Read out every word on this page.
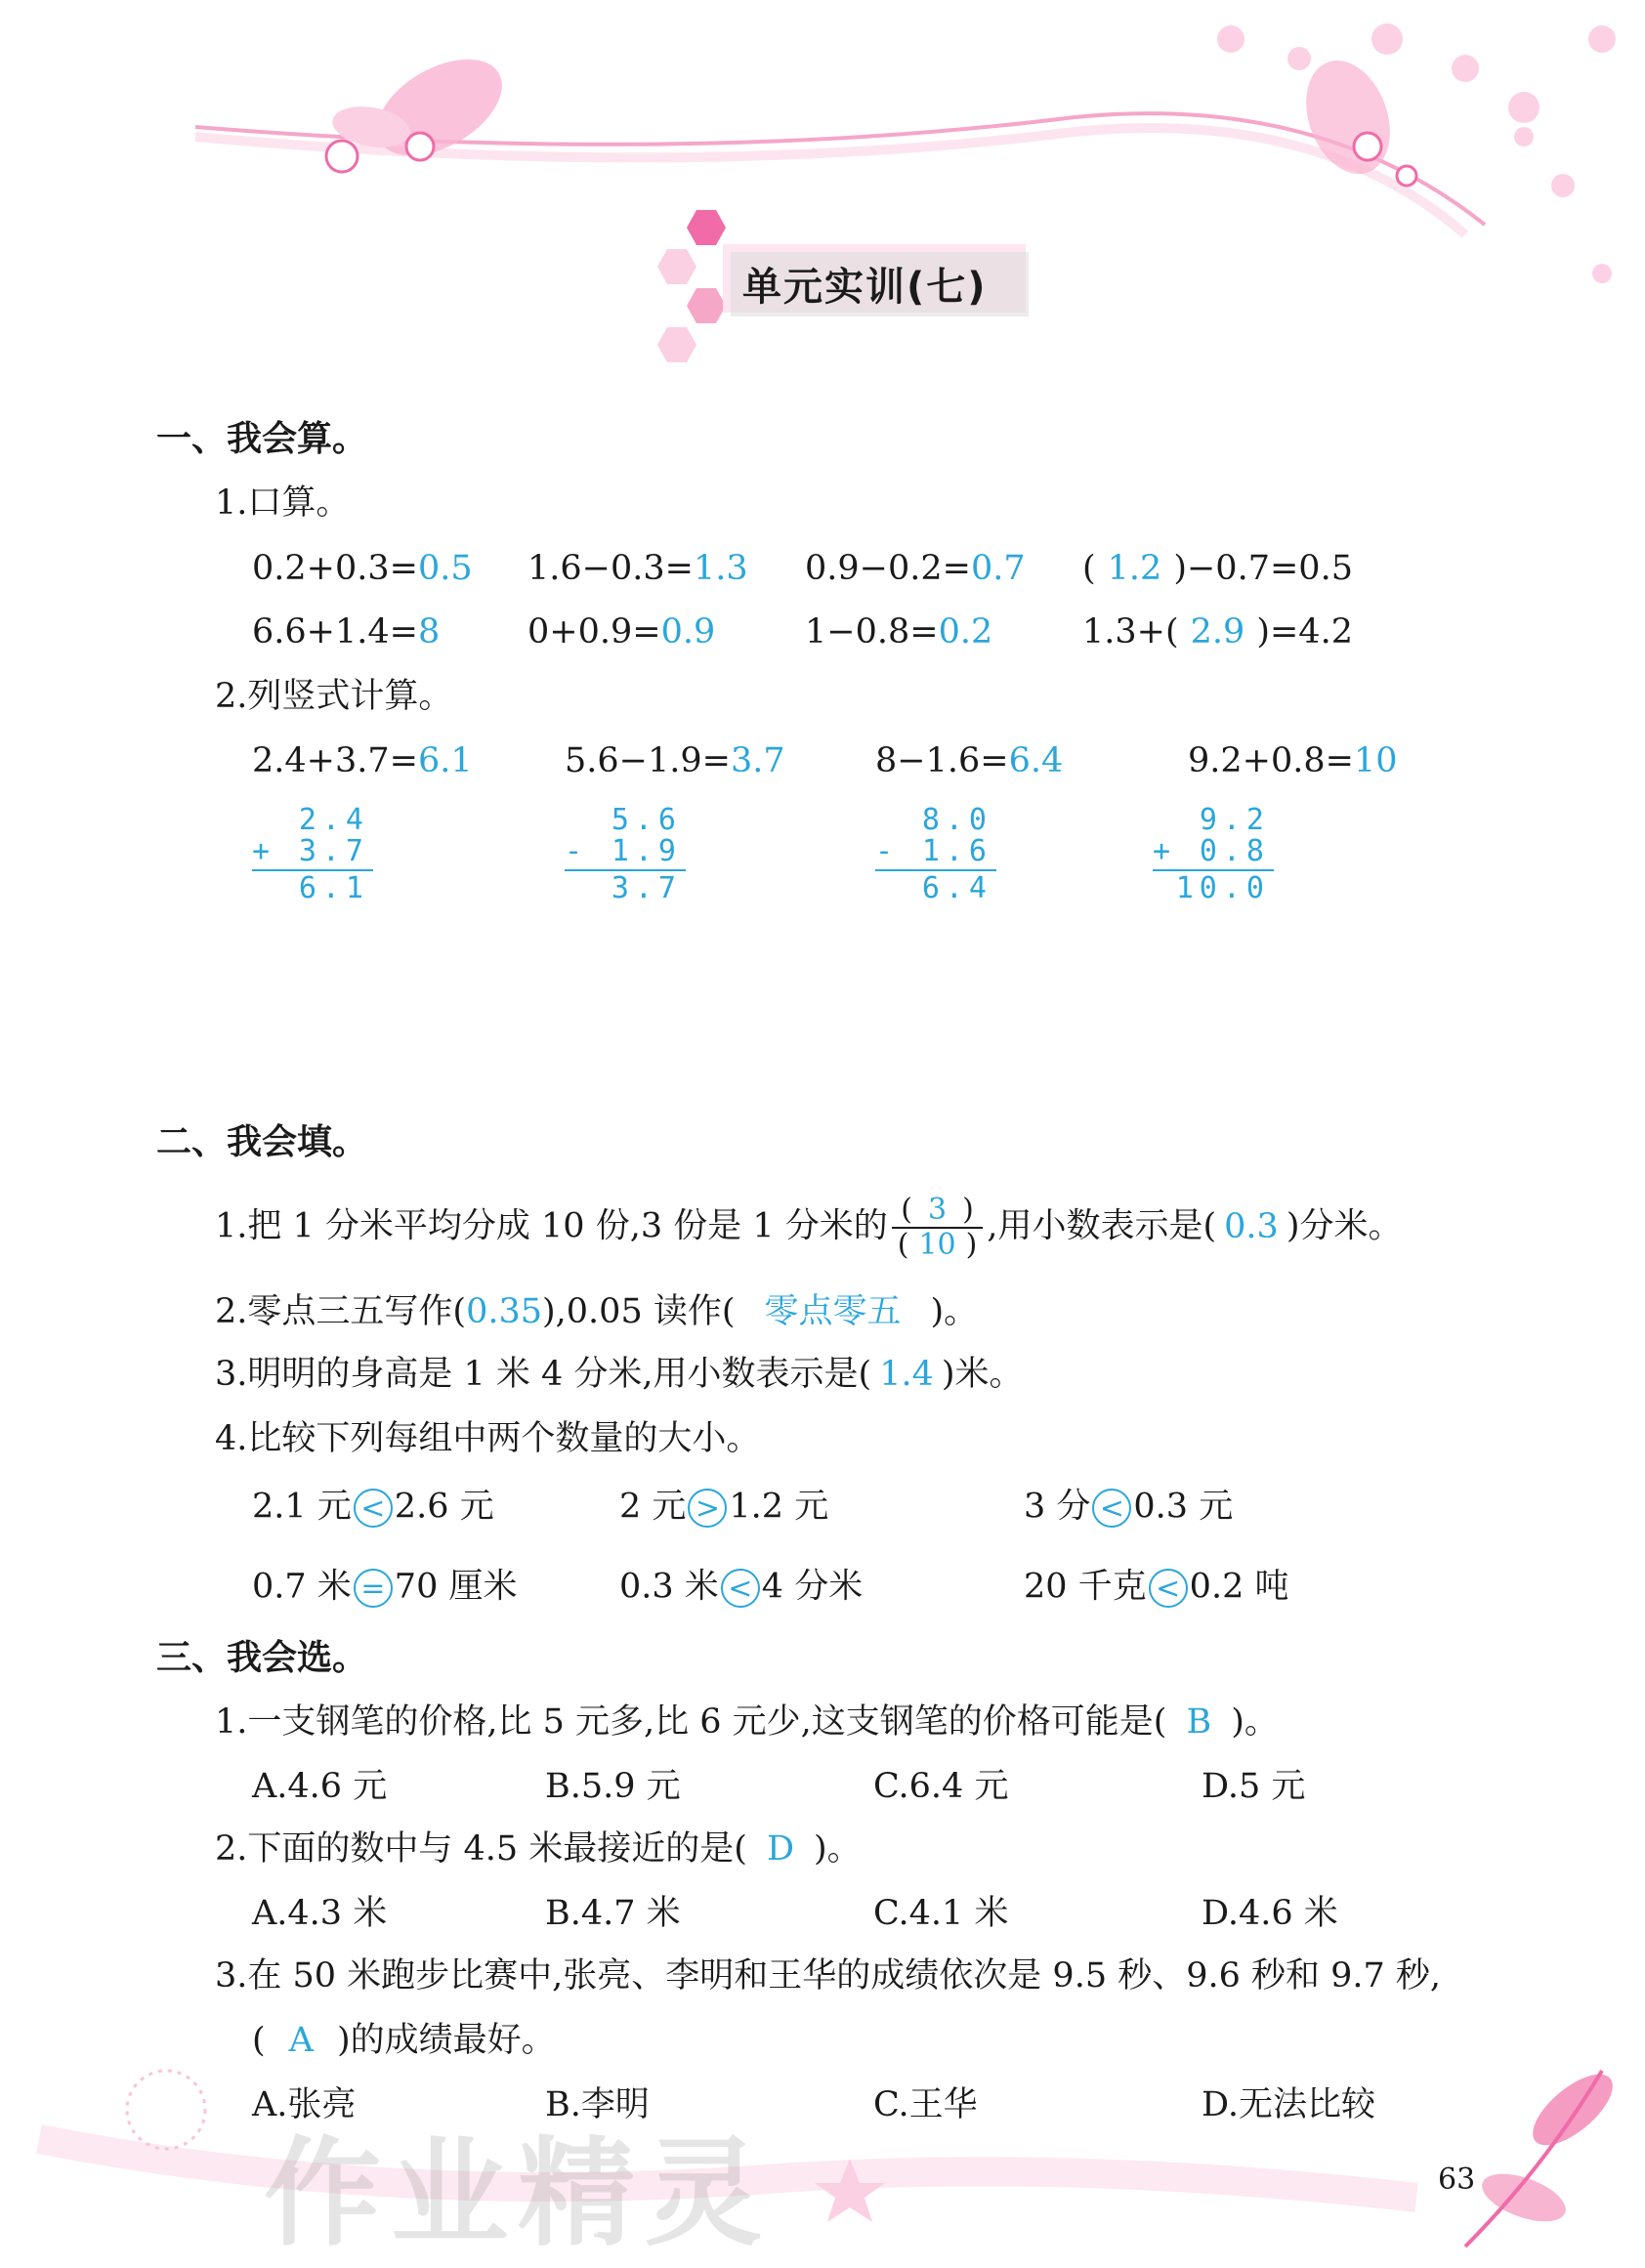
单元实训(七)
一、我会算。
1.口算。
0.2+0.3=0.5 1.6−0.3=1.3 0.9−0.2=0.7 ( 1.2 )−0.7=0.5
6.6+1.4=8	0+0.9=0.9	1−0.8=0.2	1.3+( 2.9 )=4.2
2.列竖式计算。
2.4+3.7=6.1	5.6−1.9=3.7	8−1.6=6.4	9.2+0.8=10
2.4
+ 3.7
6.1
5.6
- 1.9
3.7
8.0
- 1.6
6.4
9.2
+ 0.8
10.0
二、我会填。
1.把 1 分米平均分成 10 份,3 份是 1 分米的 $\frac{( 3 )}{( 10 )}$ ,用小数表示是( 0.3 )分米。
2.零点三五写作(0.35),0.05 读作( 零点零五 )。
3.明明的身高是 1 米 4 分米,用小数表示是( 1.4 )米。
4.比较下列每组中两个数量的大小。
2.1 元 < 2.6 元	2 元 > 1.2 元	3 分 < 0.3 元
0.7 米 = 70 厘米	0.3 米 < 4 分米	20 千克 < 0.2 吨
三、我会选。
1.一支钢笔的价格,比 5 元多,比 6 元少,这支钢笔的价格可能是( B )。
A.4.6 元	B.5.9 元	C.6.4 元	D.5 元
2.下面的数中与 4.5 米最接近的是( D )。
A.4.3 米	B.4.7 米	C.4.1 米	D.4.6 米
3.在 50 米跑步比赛中,张亮、李明和王华的成绩依次是 9.5 秒、9.6 秒和 9.7 秒,
( A )的成绩最好。
A.张亮	B.李明	C.王华	D.无法比较
作业精灵	63
